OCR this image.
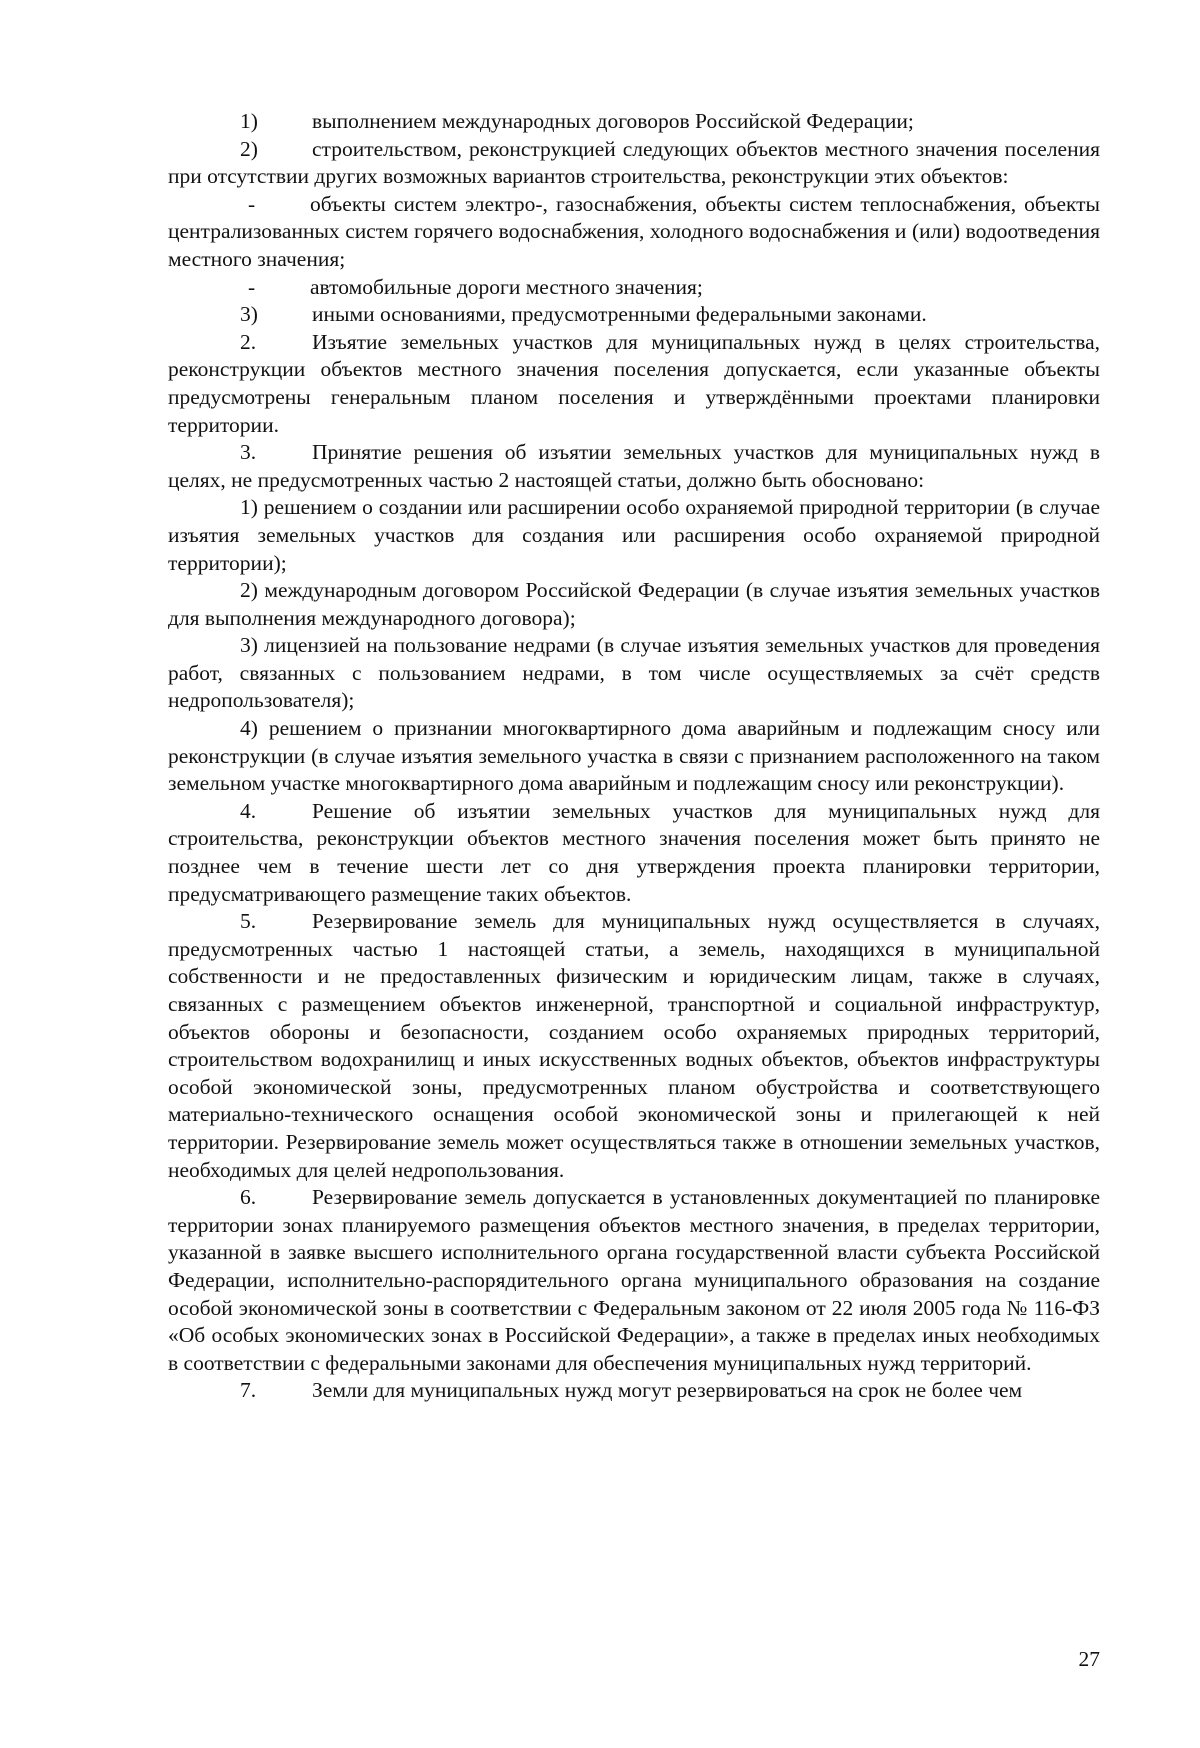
1)	выполнением международных договоров Российской Федерации;

2)	строительством, реконструкцией следующих объектов местного значения поселения при отсутствии других возможных вариантов строительства, реконструкции этих объектов:

-	объекты систем электро-, газоснабжения, объекты систем теплоснабжения, объекты централизованных систем горячего водоснабжения, холодного водоснабжения и (или) водоотведения местного значения;

-	автомобильные дороги местного значения;

3)	иными основаниями, предусмотренными федеральными законами.

2.	Изъятие земельных участков для муниципальных нужд в целях строительства, реконструкции объектов местного значения поселения допускается, если указанные объекты предусмотрены генеральным планом поселения и утверждёнными проектами планировки территории.

3.	Принятие решения об изъятии земельных участков для муниципальных нужд в целях, не предусмотренных частью 2 настоящей статьи, должно быть обосновано:

1) решением о создании или расширении особо охраняемой природной территории (в случае изъятия земельных участков для создания или расширения особо охраняемой природной территории);

2) международным договором Российской Федерации (в случае изъятия земельных участков для выполнения международного договора);

3) лицензией на пользование недрами (в случае изъятия земельных участков для проведения работ, связанных с пользованием недрами, в том числе осуществляемых за счёт средств недропользователя);

4) решением о признании многоквартирного дома аварийным и подлежащим сносу или реконструкции (в случае изъятия земельного участка в связи с признанием расположенного на таком земельном участке многоквартирного дома аварийным и подлежащим сносу или реконструкции).

4.	Решение об изъятии земельных участков для муниципальных нужд для строительства, реконструкции объектов местного значения поселения может быть принято не позднее чем в течение шести лет со дня утверждения проекта планировки территории, предусматривающего размещение таких объектов.

5.	Резервирование земель для муниципальных нужд осуществляется в случаях, предусмотренных частью 1 настоящей статьи, а земель, находящихся в муниципальной собственности и не предоставленных физическим и юридическим лицам, также в случаях, связанных с размещением объектов инженерной, транспортной и социальной инфраструктур, объектов обороны и безопасности, созданием особо охраняемых природных территорий, строительством водохранилищ и иных искусственных водных объектов, объектов инфраструктуры особой экономической зоны, предусмотренных планом обустройства и соответствующего материально-технического оснащения особой экономической зоны и прилегающей к ней территории. Резервирование земель может осуществляться также в отношении земельных участков, необходимых для целей недропользования.

6.	Резервирование земель допускается в установленных документацией по планировке территории зонах планируемого размещения объектов местного значения, в пределах территории, указанной в заявке высшего исполнительного органа государственной власти субъекта Российской Федерации, исполнительно-распорядительного органа муниципального образования на создание особой экономической зоны в соответствии с Федеральным законом от 22 июля 2005 года № 116-ФЗ «Об особых экономических зонах в Российской Федерации», а также в пределах иных необходимых в соответствии с федеральными законами для обеспечения муниципальных нужд территорий.

7.	Земли для муниципальных нужд могут резервироваться на срок не более чем

27
